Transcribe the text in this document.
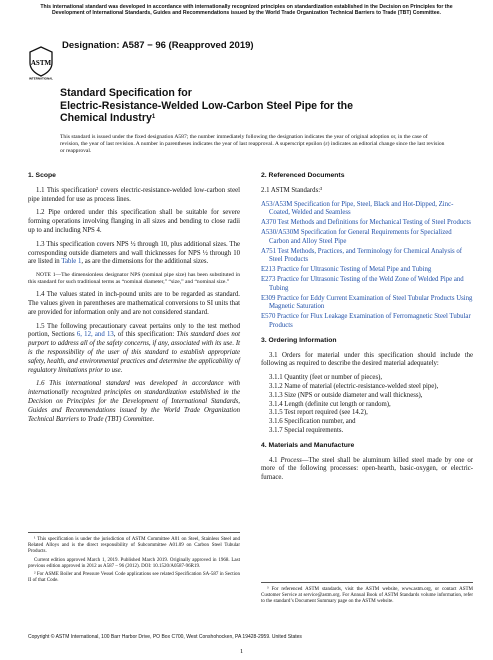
This international standard was developed in accordance with internationally recognized principles on standardization established in the Decision on Principles for the Development of International Standards, Guides and Recommendations issued by the World Trade Organization Technical Barriers to Trade (TBT) Committee.
ASTM
INTERNATIONAL
Designation: A587 − 96 (Reapproved 2019)
Standard Specification for
Electric-Resistance-Welded Low-Carbon Steel Pipe for the
Chemical Industry$^1$
This standard is issued under the fixed designation A587; the number immediately following the designation indicates the year of original adoption or, in the case of revision, the year of last revision. A number in parentheses indicates the year of last reapproval. A superscript epsilon (ε) indicates an editorial change since the last revision or reapproval.
1. Scope

1.1 This specification² covers electric-resistance-welded low-carbon steel pipe intended for use as process lines.

1.2 Pipe ordered under this specification shall be suitable for severe forming operations involving flanging in all sizes and bending to close radii up to and including NPS 4.

1.3 This specification covers NPS ½ through 10, plus additional sizes. The corresponding outside diameters and wall thicknesses for NPS ½ through 10 are listed in Table 1, as are the dimensions for the additional sizes.

NOTE 1—The dimensionless designator NPS (nominal pipe size) has been substituted in this standard for such traditional terms as “nominal diameter,” “size,” and “nominal size.”

1.4 The values stated in inch-pound units are to be regarded as standard. The values given in parentheses are mathematical conversions to SI units that are provided for information only and are not considered standard.

1.5 The following precautionary caveat pertains only to the test method portion, Sections 6, 12, and 13, of this specification: This standard does not purport to address all of the safety concerns, if any, associated with its use. It is the responsibility of the user of this standard to establish appropriate safety, health, and environmental practices and determine the applicability of regulatory limitations prior to use.

1.6 This international standard was developed in accordance with internationally recognized principles on standardization established in the Decision on Principles for the Development of International Standards, Guides and Recommendations issued by the World Trade Organization Technical Barriers to Trade (TBT) Committee.

2. Referenced Documents

2.1 ASTM Standards:³

A53/A53M Specification for Pipe, Steel, Black and Hot-Dipped, Zinc-Coated, Welded and Seamless
A370 Test Methods and Definitions for Mechanical Testing of Steel Products
A530/A530M Specification for General Requirements for Specialized Carbon and Alloy Steel Pipe
A751 Test Methods, Practices, and Terminology for Chemical Analysis of Steel Products
E213 Practice for Ultrasonic Testing of Metal Pipe and Tubing
E273 Practice for Ultrasonic Testing of the Weld Zone of Welded Pipe and Tubing
E309 Practice for Eddy Current Examination of Steel Tubular Products Using Magnetic Saturation
E570 Practice for Flux Leakage Examination of Ferromagnetic Steel Tubular Products
3. Ordering Information

3.1 Orders for material under this specification should include the following as required to describe the desired material adequately:

3.1.1 Quantity (feet or number of pieces),
3.1.2 Name of material (electric-resistance-welded steel pipe),
3.1.3 Size (NPS or outside diameter and wall thickness),
3.1.4 Length (definite cut length or random),
3.1.5 Test report required (see 14.2),
3.1.6 Specification number, and
3.1.7 Special requirements.
4. Materials and Manufacture

4.1 Process—The steel shall be aluminum killed steel made by one or more of the following processes: open-hearth, basic-oxygen, or electric-furnace.

¹ This specification is under the jurisdiction of ASTM Committee A01 on Steel, Stainless Steel and Related Alloys and is the direct responsibility of Subcommittee A01.09 on Carbon Steel Tubular Products.

Current edition approved March 1, 2019. Published March 2019. Originally approved in 1968. Last previous edition approved in 2012 as A587 – 96 (2012). DOI: 10.1520/A0587-96R19.

² For ASME Boiler and Pressure Vessel Code applications see related Specification SA-587 in Section II of that Code.

³ For referenced ASTM standards, visit the ASTM website, www.astm.org, or contact ASTM Customer Service at service@astm.org. For Annual Book of ASTM Standards volume information, refer to the standard’s Document Summary page on the ASTM website.

Copyright © ASTM International, 100 Barr Harbor Drive, PO Box C700, West Conshohocken, PA 19428-2959. United States
1
